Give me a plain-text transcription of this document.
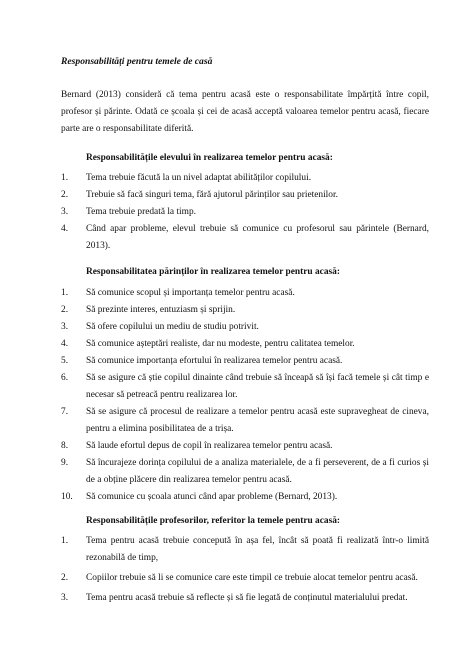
Responsabilități pentru temele de casă
Bernard (2013) consideră că tema pentru acasă este o responsabilitate împărțită între copil, profesor și părinte. Odată ce școala și cei de acasă acceptă valoarea temelor pentru acasă, fiecare parte are o responsabilitate diferită.
Responsabilitățile elevului în realizarea temelor pentru acasă:
1.	Tema trebuie făcută la un nivel adaptat abilităților copilului.
2.	Trebuie să facă singuri tema, fără ajutorul părinților sau prietenilor.
3.	Tema trebuie predată la timp.
4.	Când apar probleme, elevul trebuie să comunice cu profesorul sau părintele (Bernard, 2013).
Responsabilitatea părinților în realizarea temelor pentru acasă:
1.	Să comunice scopul și importanța temelor pentru acasă.
2.	Să prezinte interes, entuziasm și sprijin.
3.	Să ofere copilului un mediu de studiu potrivit.
4.	Să comunice așteptări realiste, dar nu modeste, pentru calitatea temelor.
5.	Să comunice importanța efortului în realizarea temelor pentru acasă.
6.	Să se asigure că știe copilul dinainte când trebuie să înceapă să își facă temele și cât timp e necesar să petreacă pentru realizarea lor.
7.	Să se asigure că procesul de realizare a temelor pentru acasă este supravegheat de cineva, pentru a elimina posibilitatea de a trișa.
8.	Să laude efortul depus de copil în realizarea temelor pentru acasă.
9.	Să încurajeze dorința copilului de a analiza materialele, de a fi perseverent, de a fi curios și de a obține plăcere din realizarea temelor pentru acasă.
10.	Să comunice cu școala atunci când apar probleme (Bernard, 2013).
Responsabilitățile profesorilor, referitor la temele pentru acasă:
1.	Tema pentru acasă trebuie concepută în așa fel, încât să poată fi realizată într-o limită rezonabilă de timp,
2.	Copiilor trebuie să li se comunice care este timpil ce trebuie alocat temelor pentru acasă.
3.	Tema pentru acasă trebuie să reflecte și să fie legată de conținutul materialului predat.
